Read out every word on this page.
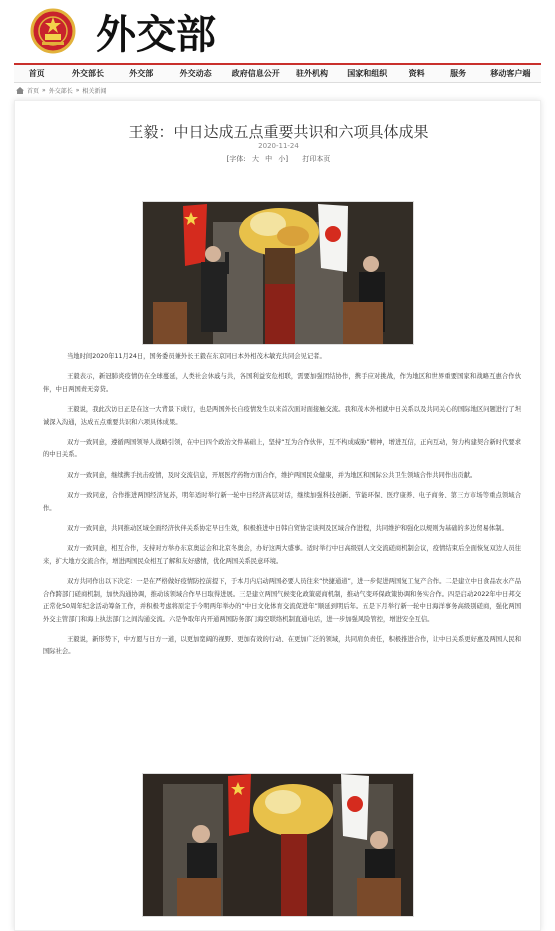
外交部
首页	外交部长	外交部	外交动态	政府信息公开	驻外机构	国家和组织	资料	服务	移动客户端
首页 » 外交部长 » 相关新闻
王毅：中日达成五点重要共识和六项具体成果
2020-11-24
[字体: 大 中 小] 打印本页

当地时间2020年11月24日，国务委员兼外长王毅在东京同日本外相茂木敏充共同会见记者。

王毅表示，新冠肺炎疫情仍在全球蔓延，人类社会休戚与共，各国利益安危相联，需要加强团结协作，携手应对挑战，作为地区和世界重要国家和战略互惠合作伙伴，中日两国责无旁贷。

王毅说，我此次访日正是在这一大背景下成行，也是两国外长自疫情发生以来首次面对面接触交流。我和茂木外相就中日关系以及共同关心的国际地区问题进行了坦诚深入沟通，达成五点重要共识和六项具体成果。

双方一致同意，遵循两国领导人战略引领，在中日四个政治文件基础上，坚持“互为合作伙伴，互不构成威胁”精神，增进互信，正向互动，努力构建契合新时代要求的中日关系。

双方一致同意，继续携手抗击疫情，及时交流信息，开展医疗药物方面合作，维护两国民众健康，并为地区和国际公共卫生领域合作共同作出贡献。

双方一致同意，合作推进两国经济复苏，明年适时举行新一轮中日经济高层对话，继续加强科技创新、节能环保、医疗康养、电子商务、第三方市场等重点领域合作。

双方一致同意，共同推动区域全面经济伙伴关系协定早日生效，积极推进中日韩自贸协定谈判及区域合作进程，共同维护和强化以规则为基础的多边贸易体制。

双方一致同意，相互合作，支持对方举办东京奥运会和北京冬奥会，办好这两大盛事。适时举行中日高级别人文交流磋商机制会议，疫情结束后全面恢复双边人员往来，扩大地方交流合作，增进两国民众相互了解和友好感情，优化两国关系民意环境。

双方共同作出以下决定：一是在严格做好疫情防控前提下，于本月内启动两国必要人员往来“快捷通道”，进一步促进两国复工复产合作。二是建立中日食品农水产品合作跨部门磋商机制，加快沟通协调，推动该领域合作早日取得进展。三是建立两国气候变化政策磋商机制，推动气变环保政策协调和务实合作。四是启动2022年中日邦交正常化50周年纪念活动筹备工作，并积极考虑将原定于今明两年举办的“中日文化体育交流促进年”顺延到明后年。五是下月举行新一轮中日海洋事务高级别磋商，强化两国外交主管部门和海上执法部门之间沟通交流。六是争取年内开通两国防务部门海空联络机制直通电话，进一步加强风险管控，增进安全互信。

王毅说，新形势下，中方愿与日方一道，以更加宽阔的视野、更加有效的行动、在更加广泛的领域，共同肩负责任，积极推进合作，让中日关系更好惠及两国人民和国际社会。
